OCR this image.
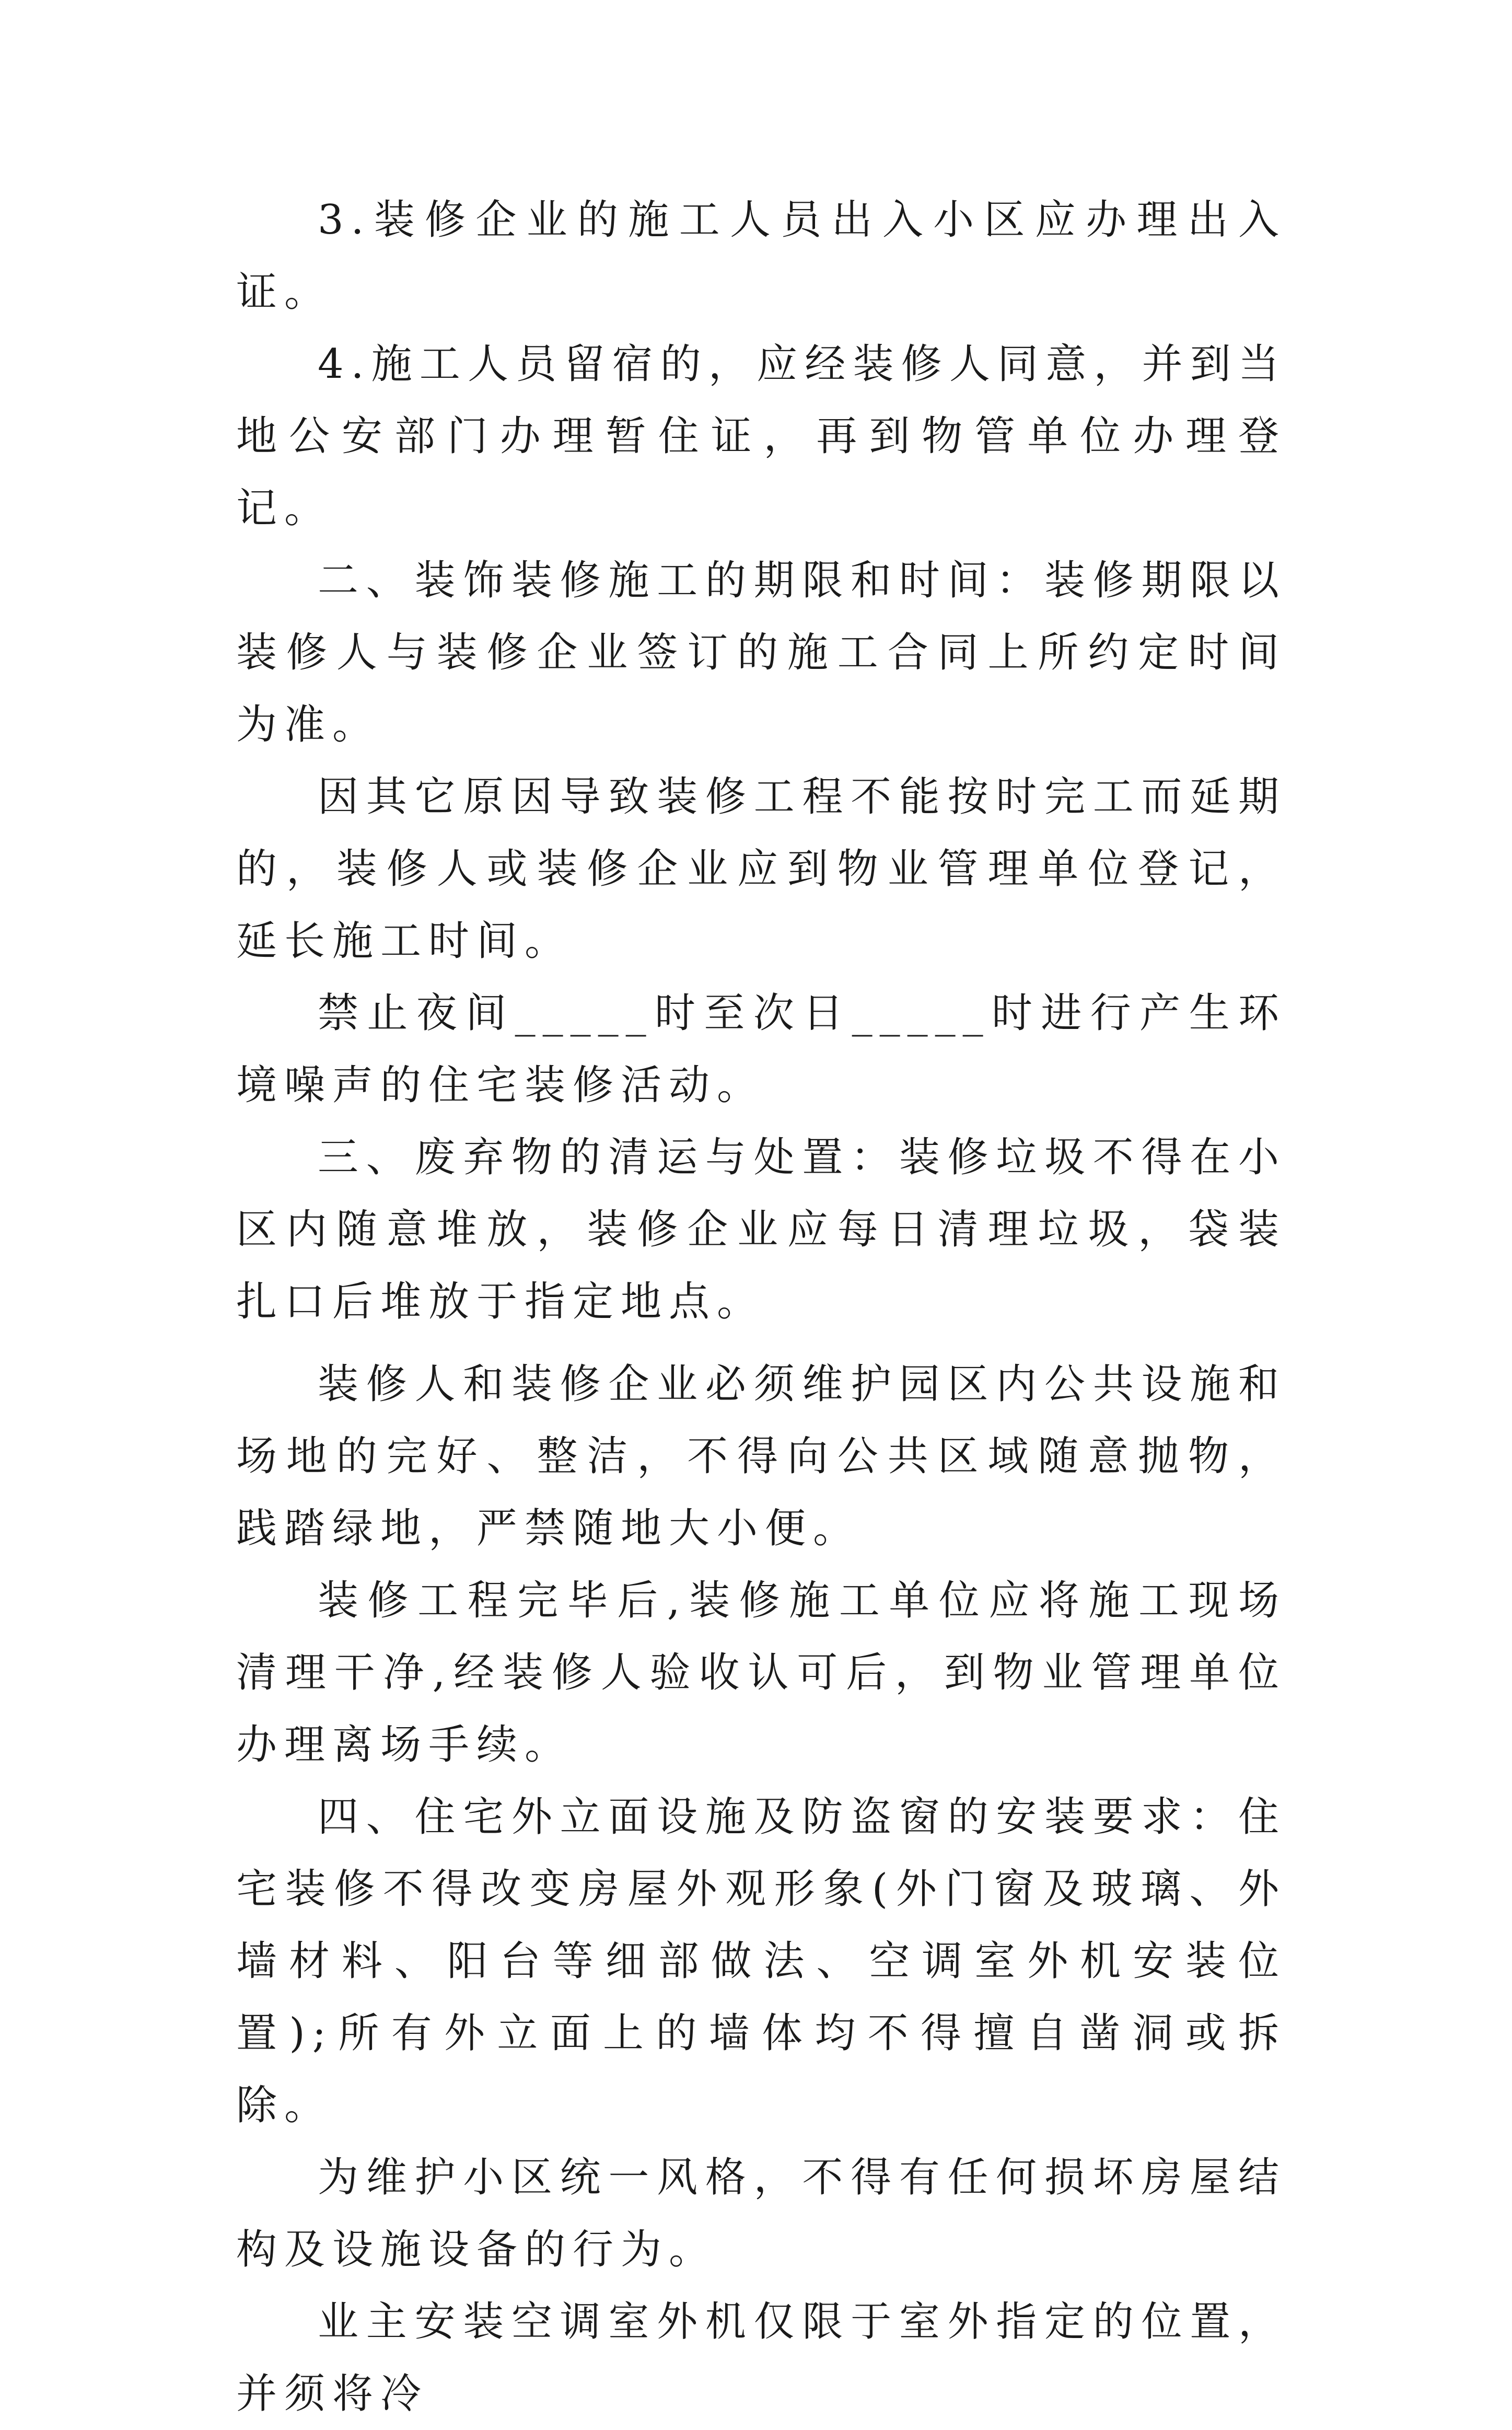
3.装修企业的施工人员出入小区应办理出入证。

4.施工人员留宿的，应经装修人同意，并到当地公安部门办理暂住证，再到物管单位办理登记。

二、装饰装修施工的期限和时间：装修期限以装修人与装修企业签订的施工合同上所约定时间为准。

因其它原因导致装修工程不能按时完工而延期的，装修人或装修企业应到物业管理单位登记，延长施工时间。

禁止夜间_____时至次日_____时进行产生环境噪声的住宅装修活动。

三、废弃物的清运与处置：装修垃圾不得在小区内随意堆放，装修企业应每日清理垃圾，袋装扎口后堆放于指定地点。

装修人和装修企业必须维护园区内公共设施和场地的完好、整洁，不得向公共区域随意抛物，践踏绿地，严禁随地大小便。

装修工程完毕后,装修施工单位应将施工现场清理干净,经装修人验收认可后，到物业管理单位办理离场手续。

四、住宅外立面设施及防盗窗的安装要求：住宅装修不得改变房屋外观形象(外门窗及玻璃、外墙材料、阳台等细部做法、空调室外机安装位置);所有外立面上的墙体均不得擅自凿洞或拆除。

为维护小区统一风格，不得有任何损坏房屋结构及设施设备的行为。

业主安装空调室外机仅限于室外指定的位置，并须将冷
